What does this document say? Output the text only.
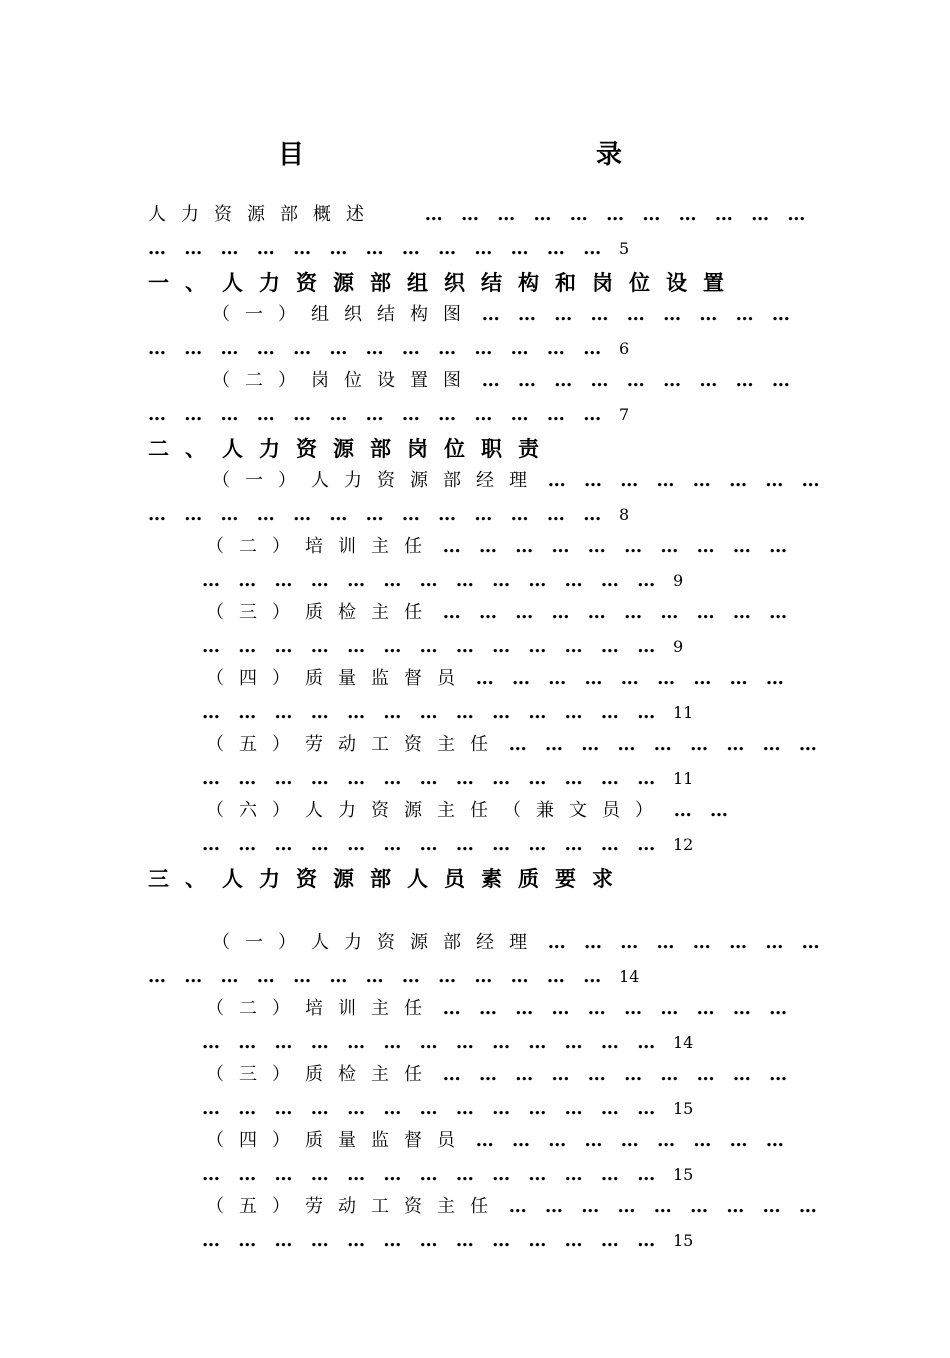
目　　录
人力资源部概述	… … … … … … … … … … …
… … … … … … … … … … … … … 5
一、人力资源部组织结构和岗位设置
（一）组织结构图 … … … … … … … … …
… … … … … … … … … … … … … 6
（二）岗位设置图 … … … … … … … … …
… … … … … … … … … … … … … 7
二、人力资源部岗位职责
（一）人力资源部经理 … … … … … … … …
… … … … … … … … … … … … … 8
（二）培训主任 … … … … … … … … … …
… … … … … … … … … … … … … 9
（三）质检主任 … … … … … … … … … …
… … … … … … … … … … … … … 9
（四）质量监督员 … … … … … … … … …
… … … … … … … … … … … … … 11
（五）劳动工资主任 … … … … … … … … …
… … … … … … … … … … … … … 11
（六）人力资源主任（兼文员） … …
… … … … … … … … … … … … … 12
三、人力资源部人员素质要求
（一）人力资源部经理 … … … … … … … …
… … … … … … … … … … … … … 14
（二）培训主任 … … … … … … … … … …
… … … … … … … … … … … … … 14
（三）质检主任 … … … … … … … … … …
… … … … … … … … … … … … … 15
（四）质量监督员 … … … … … … … … …
… … … … … … … … … … … … … 15
（五）劳动工资主任 … … … … … … … … …
… … … … … … … … … … … … … 15
